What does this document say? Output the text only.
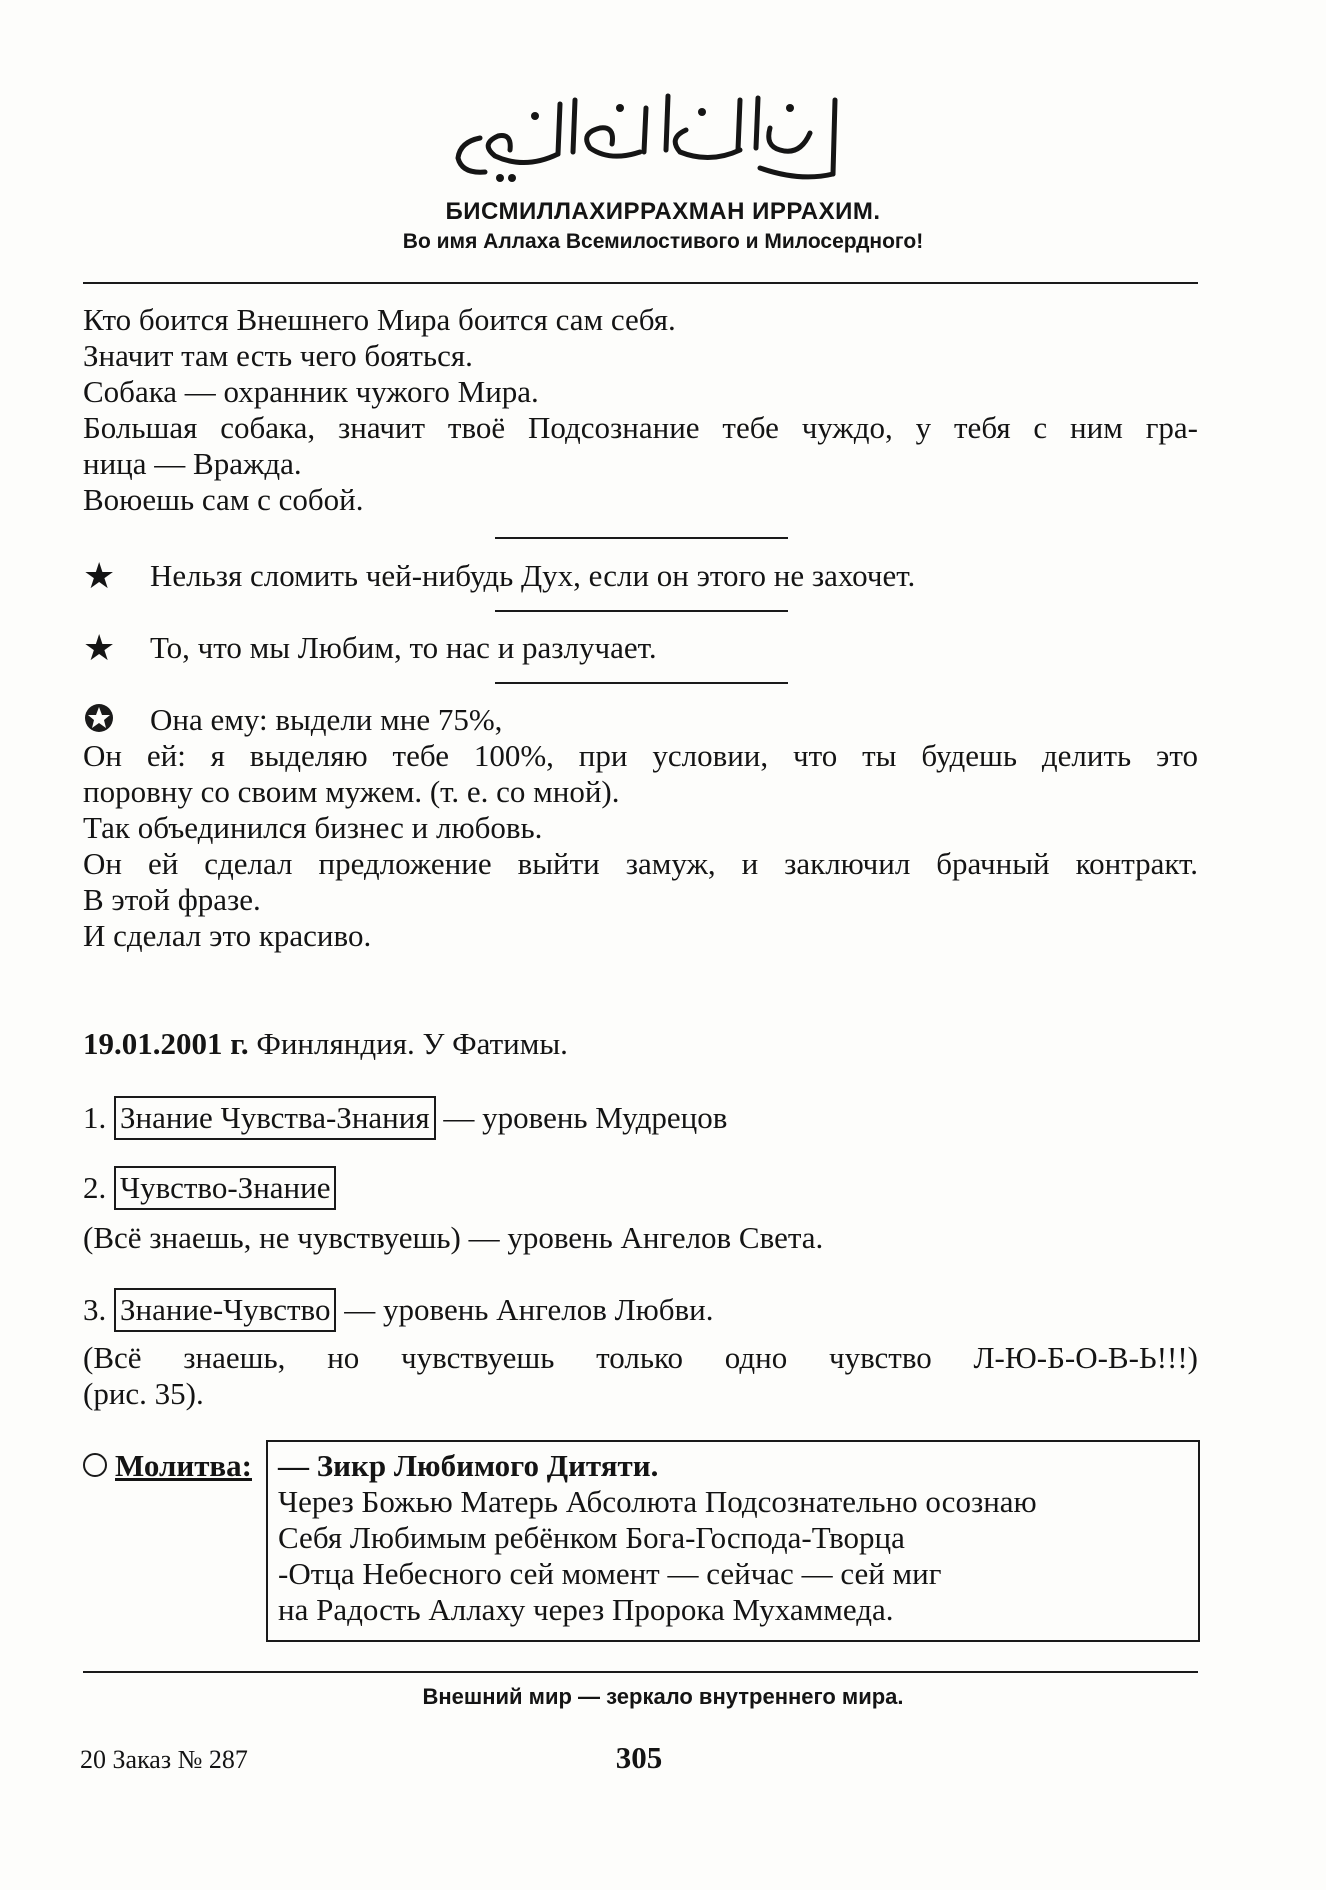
БИСМИЛЛАХИРРАХМАН ИРРАХИМ.
Во имя Аллаха Всемилостивого и Милосердного!
Кто боится Внешнего Мира боится сам себя.
Значит там есть чего бояться.
Собака — охранник чужого Мира.
Большая собака, значит твоё Подсознание тебе чуждо, у тебя с ним гра-
ница — Вражда.
Воюешь сам с собой.
★ Нельзя сломить чей-нибудь Дух, если он этого не захочет.
★ То, что мы Любим, то нас и разлучает.
Она ему: выдели мне 75%,
Он ей: я выделяю тебе 100%, при условии, что ты будешь делить это
поровну со своим мужем. (т. е. со мной).
Так объединился бизнес и любовь.
Он ей сделал предложение выйти замуж, и заключил брачный контракт.
В этой фразе.
И сделал это красиво.
19.01.2001 г. Финляндия. У Фатимы.
1. Знание Чувства-Знания — уровень Мудрецов
2. Чувство-Знание
(Всё знаешь, не чувствуешь) — уровень Ангелов Света.
3. Знание-Чувство — уровень Ангелов Любви.
(Всё знаешь, но чувствуешь только одно чувство Л-Ю-Б-О-В-Ь!!!)
(рис. 35).
Молитва: — Зикр Любимого Дитяти.
Через Божью Матерь Абсолюта Подсознательно осознаю
Себя Любимым ребёнком Бога-Господа-Творца
-Отца Небесного сей момент — сейчас — сей миг
на Радость Аллаху через Пророка Мухаммеда.
Внешний мир — зеркало внутреннего мира.
20 Заказ № 287	305
